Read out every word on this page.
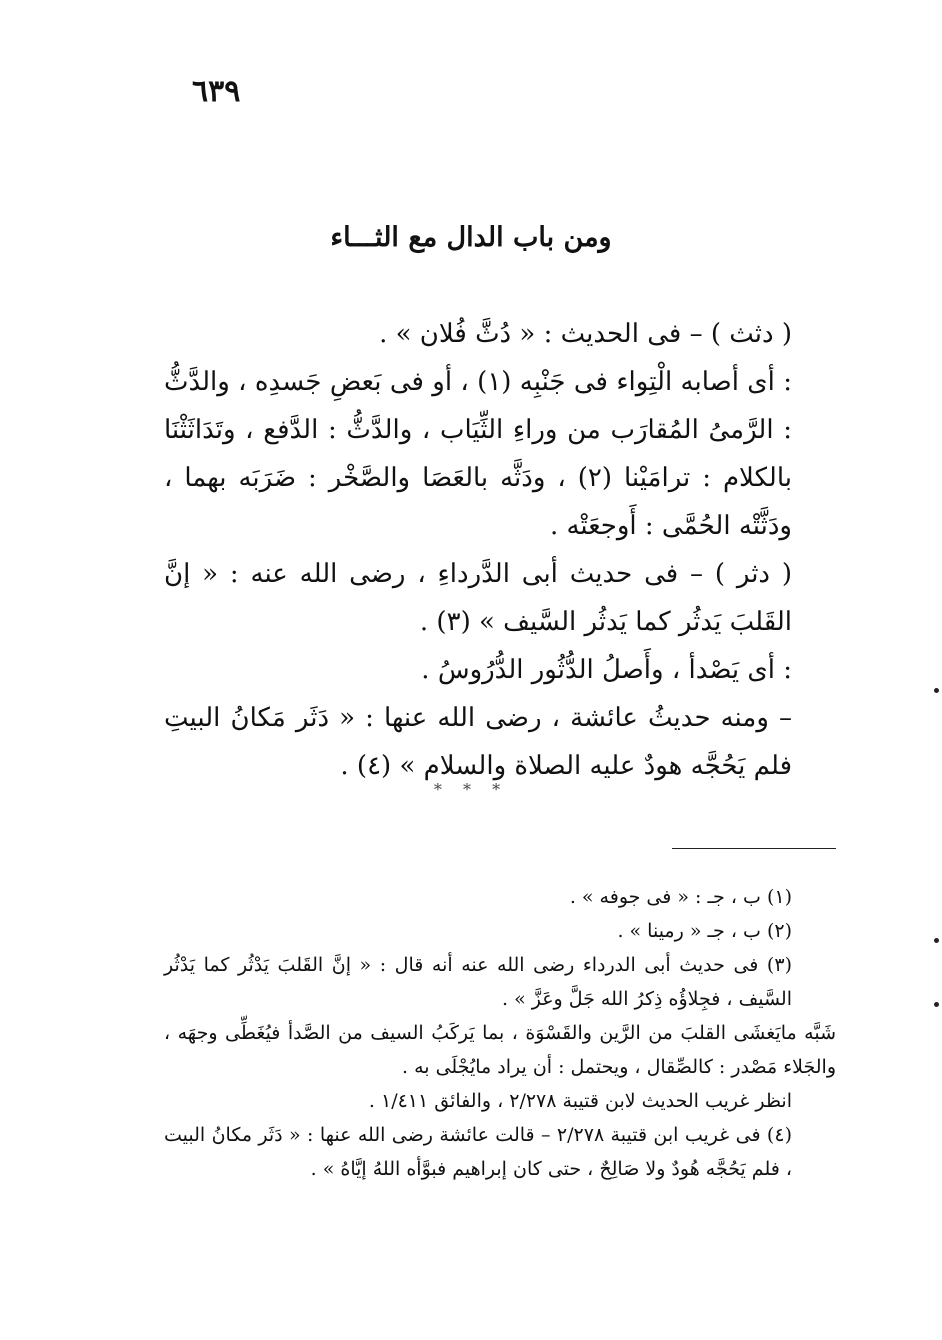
٦٣٩
ومن باب الدال مع الثـــاء

( دثث ) – فى الحديث : « دُثَّ فُلان » .

: أى أصابه الْتِواء فى جَنْبِه (١) ، أو فى بَعضِ جَسدِه ، والدَّثُّ : الرَّمىُ المُقارَب من وراءِ الثِّيَاب ، والدَّثُّ : الدَّفع ، وتَدَاثَثْنَا بالكلام : ترامَيْنا (٢) ، ودَثَّه بالعَصَا والصَّخْر : ضَرَبَه بهما ، ودَثَّتْه الحُمَّى : أَوجعَتْه .

( دثر ) – فى حديث أبى الدَّرداءِ ، رضى الله عنه : « إنَّ القَلبَ يَدثُر كما يَدثُر السَّيف » (٣) .

: أى يَصْدأ ، وأَصلُ الدُّثُور الدُّرُوسُ .

– ومنه حديثُ عائشة ، رضى الله عنها : « دَثَر مَكانُ البيتِ فلم يَحُجَّه هودٌ عليه الصلاة والسلام » (٤) .

* * *

(١) ب ، جـ : « فى جوفه » .

(٢) ب ، جـ « رمينا » .

(٣) فى حديث أبى الدرداء رضى الله عنه أنه قال : « إنَّ القَلبَ يَدْثُر كما يَدْثُر السَّيف ، فجِلاؤُه ذِكرُ الله جَلَّ وعَزَّ » .

شَبَّه مايَغشَى القلبَ من الرَّين والقَسْوَة ، بما يَركَبُ السيف من الصَّدأ فيُغَطِّى وجهَه ، والجَلاء مَصْدر : كالصِّقال ، ويحتمل : أن يراد مايُجْلَى به .

انظر غريب الحديث لابن قتيبة ٢/٢٧٨ ، والفائق ١/٤١١ .

(٤) فى غريب ابن قتيبة ٢/٢٧٨ – قالت عائشة رضى الله عنها : « دَثَر مكانُ البيت ، فلم يَحُجَّه هُودٌ ولا صَالِحٌ ، حتى كان إبراهيم فبوَّأه اللهُ إيَّاهُ » .
